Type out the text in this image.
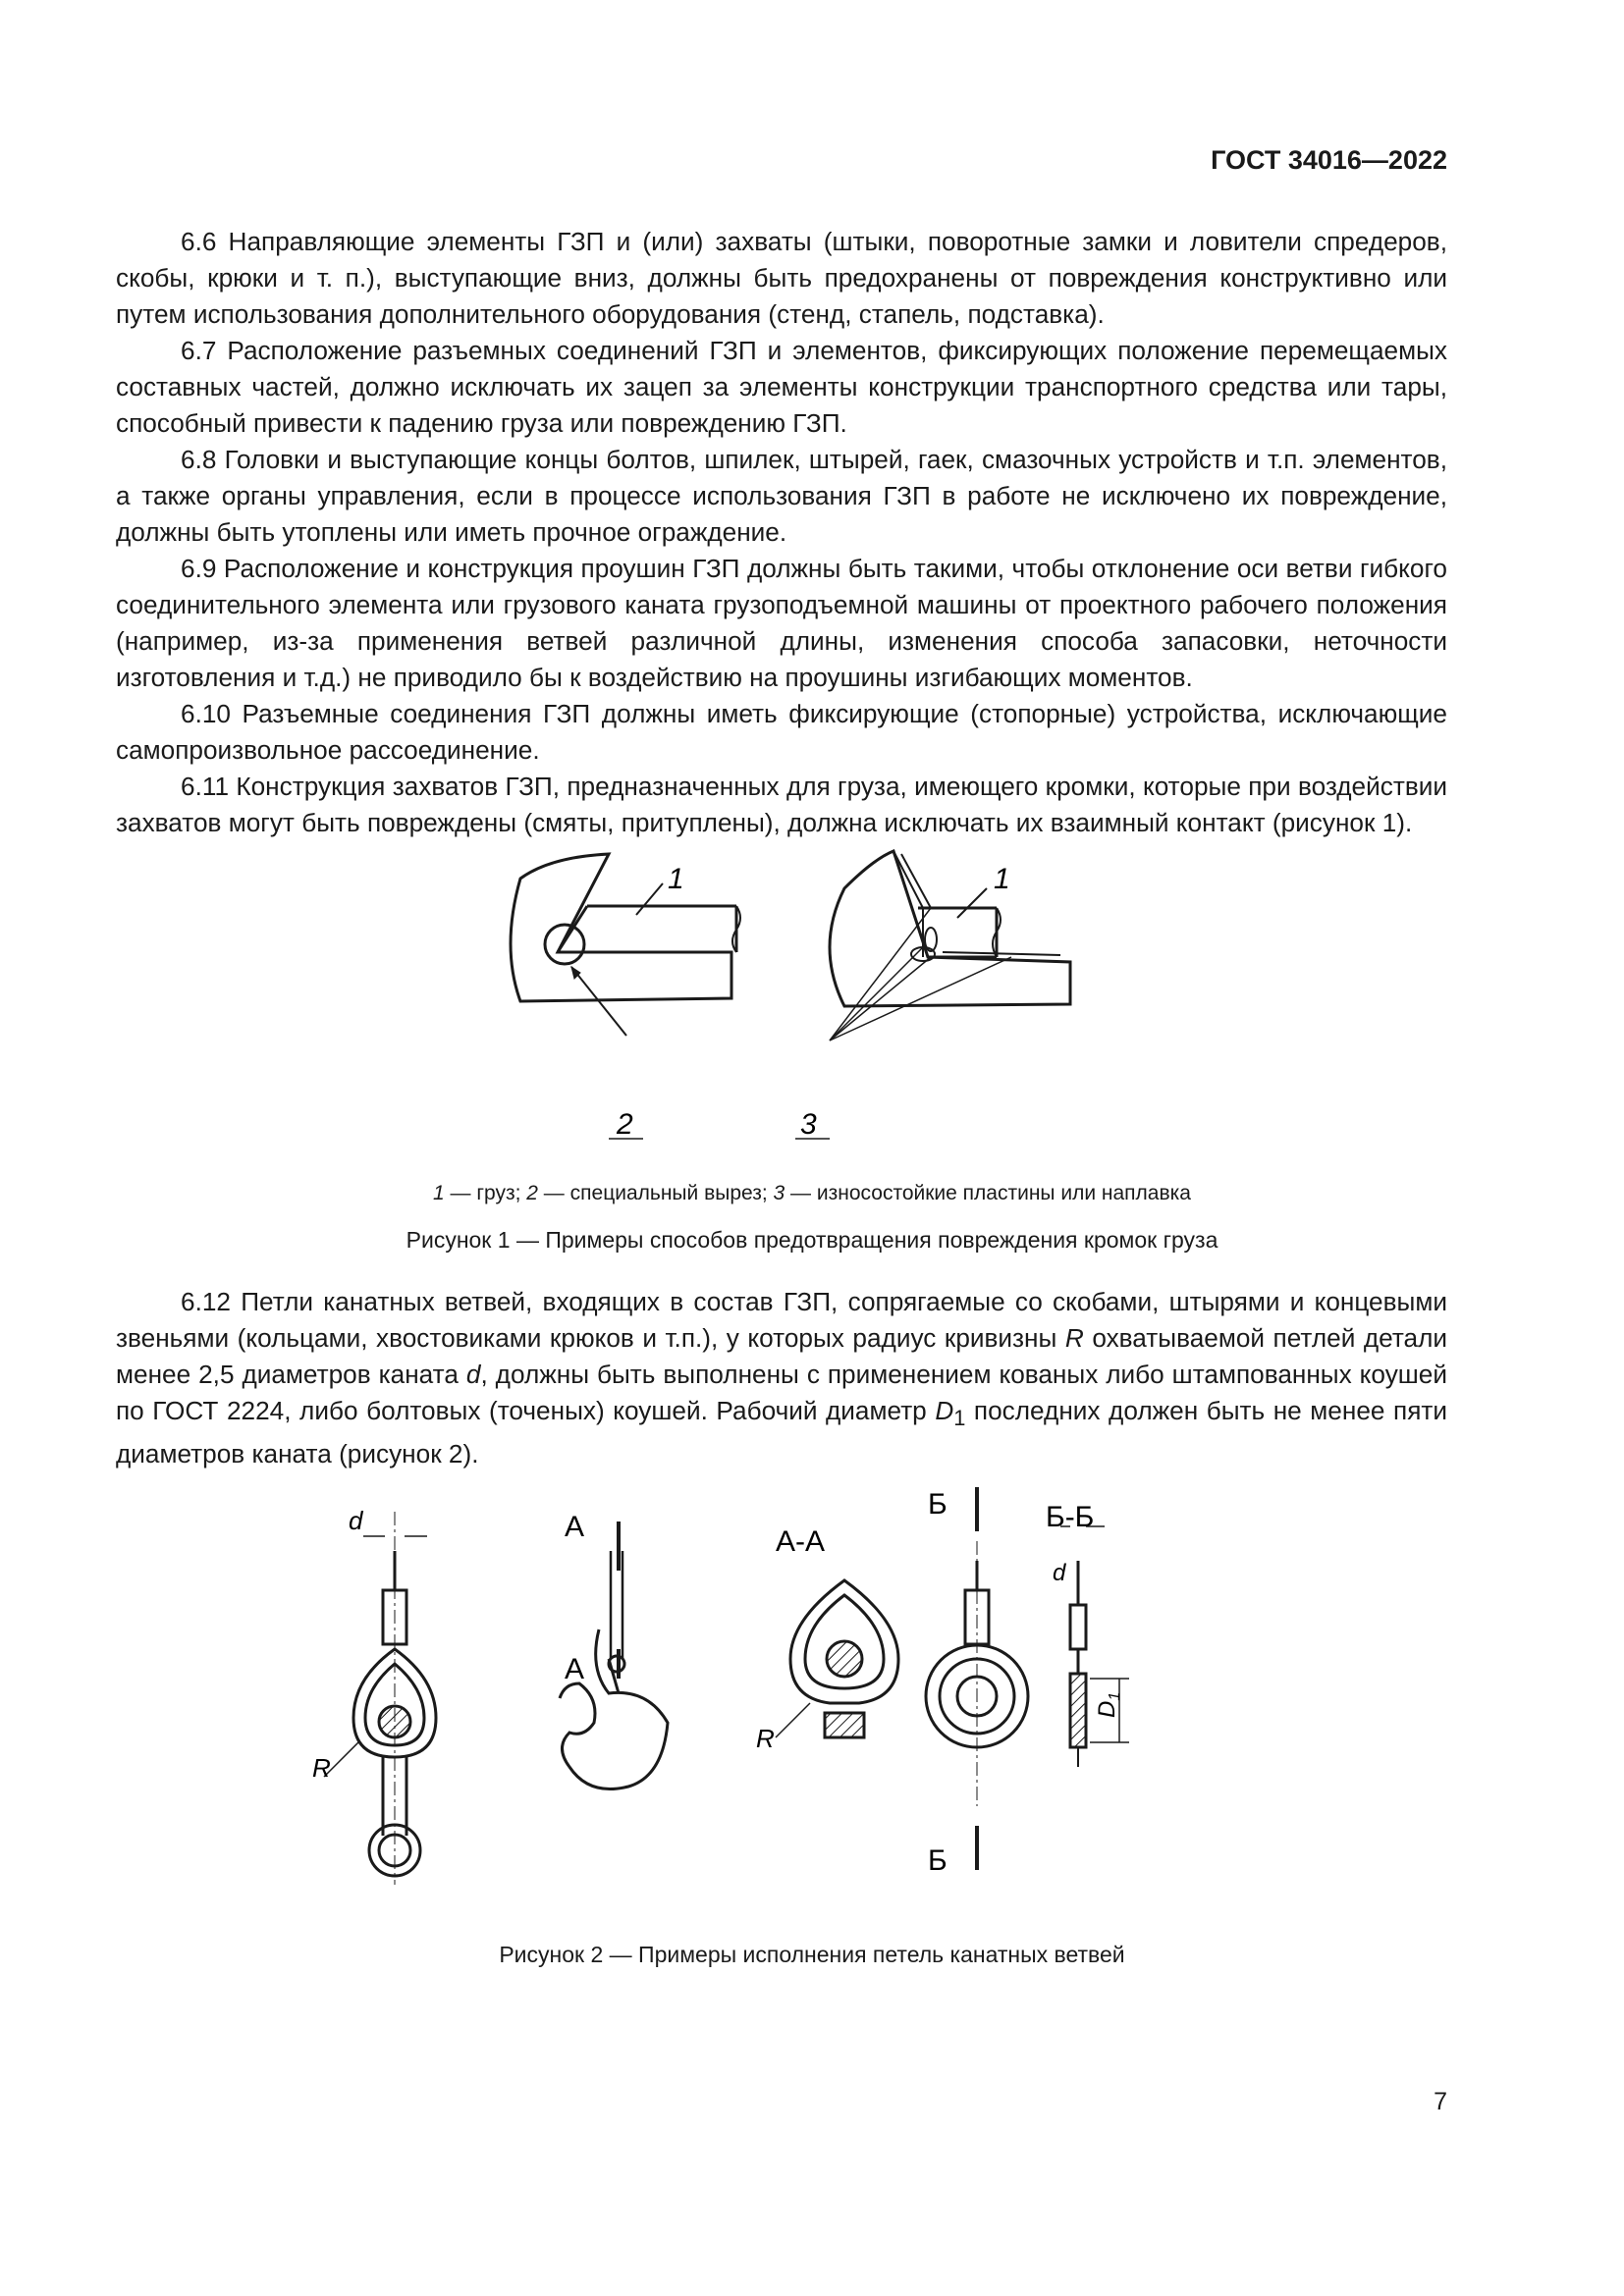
ГОСТ 34016—2022

6.6 Направляющие элементы ГЗП и (или) захваты (штыки, поворотные замки и ловители спредеров, скобы, крюки и т. п.), выступающие вниз, должны быть предохранены от повреждения конструктивно или путем использования дополнительного оборудования (стенд, стапель, подставка).

6.7 Расположение разъемных соединений ГЗП и элементов, фиксирующих положение перемещаемых составных частей, должно исключать их зацеп за элементы конструкции транспортного средства или тары, способный привести к падению груза или повреждению ГЗП.

6.8 Головки и выступающие концы болтов, шпилек, штырей, гаек, смазочных устройств и т.п. элементов, а также органы управления, если в процессе использования ГЗП в работе не исключено их повреждение, должны быть утоплены или иметь прочное ограждение.

6.9 Расположение и конструкция проушин ГЗП должны быть такими, чтобы отклонение оси ветви гибкого соединительного элемента или грузового каната грузоподъемной машины от проектного рабочего положения (например, из-за применения ветвей различной длины, изменения способа запасовки, неточности изготовления и т.д.) не приводило бы к воздействию на проушины изгибающих моментов.

6.10 Разъемные соединения ГЗП должны иметь фиксирующие (стопорные) устройства, исключающие самопроизвольное рассоединение.

6.11 Конструкция захватов ГЗП, предназначенных для груза, имеющего кромки, которые при воздействии захватов могут быть повреждены (смяты, притуплены), должна исключать их взаимный контакт (рисунок 1).

1
2
1
3
1 — груз; 2 — специальный вырез; 3 — износостойкие пластины или наплавка
Рисунок 1 — Примеры способов предотвращения повреждения кромок груза

6.12 Петли канатных ветвей, входящих в состав ГЗП, сопрягаемые со скобами, штырями и концевыми звеньями (кольцами, хвостовиками крюков и т.п.), у которых радиус кривизны R охватываемой петлей детали менее 2,5 диаметров каната d, должны быть выполнены с применением кованых либо штампованных коушей по ГОСТ 2224, либо болтовых (точеных) коушей. Рабочий диаметр $D_1$ последних должен быть не менее пяти диаметров каната (рисунок 2).

d
R
А
А
А-А
R
Б
Б
Б-Б
d
$D_1$
Рисунок 2 — Примеры исполнения петель канатных ветвей
7
